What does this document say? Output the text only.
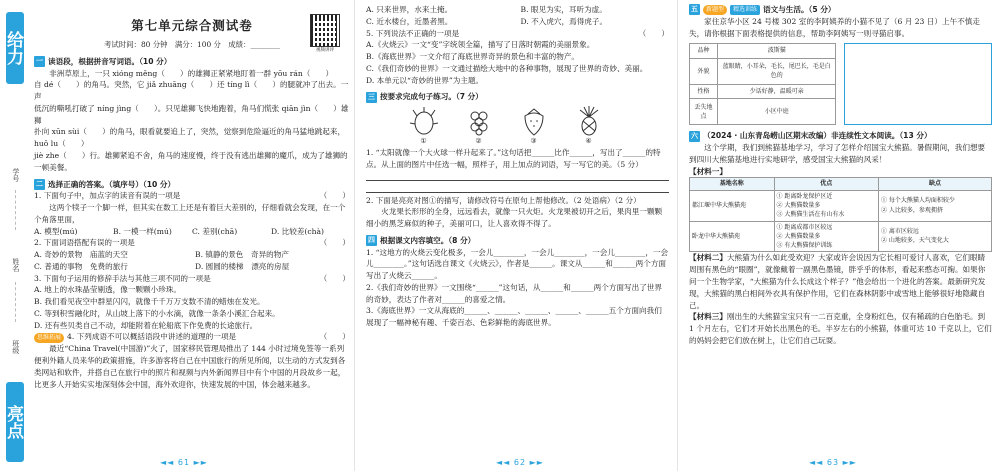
给力
学号
姓名
班级
亮点
第七单元综合测试卷
视频讲评

考试时间：80 分钟　满分：100 分　成绩：________

一 读语段，根据拼音写词语。（10 分）

　　非洲草原上，一只 xióng měng（　　）的雄狮正紧紧地盯着一群 yōu rán（　　）

自 dé（　　）的角马。突然，它 jiǎ zhuāng（　　）还 tíng lì（　　）的腿就冲了出去。一声

低沉的嘶吼打破了 níng jìng（　　）。只见雄狮飞快地跑着，角马们慌张 qiān jìn（　　）雄狮

扑向 xūn sùi（　　）的角马，眼看就要追上了，突然，觉察到危险逼近的角马猛地跳起来，huǒ lu（　　）

jiè zhe（　　）行。雄狮紧追不舍，角马的速度慢，终于没有逃出雄狮的魔爪，成为了雄狮的

一顿美餐。

二 选择正确的答案。（填序号）（10 分）

1. 下面句子中，加点字的读音有误的一项是	（　　）

　　这两个犊子一个脚一样，但其实在数工上还是有着巨大差别的，仔细看就会发现，在一个个角落里面，

A. 模型(mú)	B. 一模一样(mú)	C. 差别(chā)	D. 比较差(chà)

2. 下面词语搭配有误的一项是	（　　）

A. 奇妙的景物　庙蓝的天空	B. 镇静的景色　奇异的物产
C. 普通的事物　免费的旅行	D. 圆圆的楼梯　漂亮的房屋

3. 下面句子运用的修辞手法与其他三项不同的一项是	（　　）

A. 地上的水珠晶莹剔透，像一颗颗小珍珠。

B. 我们看见夜空中群星闪闪，就像千千万万支数不清的蜡烛在发光。

C. 等到积雪融化时，从山坡上落下的小水滴，就像一条条小溪汇合起来。

D. 还有些贝类自己不动，却能附着在轮船底下作免费的长途旅行。

思维拓展 4. 下列成语不可以概括语段中讲述的道理的一项是	（　　）

　　最近“China Travel(中国游)”火了，国家移民管理局推出了 144 小时过境免签等一系列便利外籍人员来华的政策措施，许多游客将自己在中国旅行的所见所闻，以生动的方式发到各类网站和软件，并搭自己在旅行中的照片和视频与内外新闻界目中有个中国的月段故乡一起，比更多人开始实实地深刻体会中国，海外欢迎你，快速发展的中国，体会越来越多。

◄◄ 61 ►►
A. 只来世界，水来土掩。	B. 眼见为实，耳听为虚。
C. 近水楼台，近墨者黑。	D. 不入虎穴，焉得虎子。

5. 下列说法不正确的一项是	（　　）

A.《火烧云》一文“变”字统领全篇，描写了日落时朝霞的美丽景象。

B.《海底世界》一文介绍了海底世界奇异的景色和丰富的物产。

C.《我们奇妙的世界》一文通过描绘大地中的各种事物，展现了世界的奇妙、美丽。

D. 本单元以“奇妙的世界”为主题。

三 按要求完成句子练习。（7 分）
①	②	③	④

1. “太阳就像一个大火球一样升起来了。”这句话把______比作______，写出了______的特点。从上面的图片中任选一幅，照样子，用上加点的词语，写一写它的美。（5 分）

2. 下面是亮亮对图①的描写，请修改符号在原句上帮他修改。（2 处语病）（2 分）

　　火龙果长形形的全身，远远看去，就像一只火炬。火龙果被切开之后，果肉里一颗颗细小的黑芝麻似的种子，美丽可口，让人喜欢得不得了。

四 根据课文内容填空。（8 分）

1. “这地方的火烧云变化极多，一会儿________，一会儿________，一会儿________，一会儿________。”这句话选自课文《火烧云》，作者是______。课文从______和______两个方面写出了火烧云______。

2.《我们奇妙的世界》一文围绕“______”这句话，从______和______两个方面写出了世界的奇妙，表达了作者对______的喜爱之情。

3.《海底世界》一文从海底的______、______、______、______、______五个方面向我们展现了一幅神秘有趣、千姿百态、色彩鲜艳的海底世界。

◄◄ 62 ►►
五	新题型	精选训练 语文与生活。（5 分）

　　家住京华小区 24 号楼 302 室的李阿姨养的小猫不见了（6 月 23 日）上午不慎走失，请你根据下面表格提供的信息，帮助李阿姨写一则寻猫启事。

品种	波斯猫
外貌	蓝眼睛，小耳朵，毛长，尾巴长，毛是白色的
性格	少话好静，温暖可亲
丢失地点	小区中庭
六 （2024 · 山东青岛崂山区期末改编）非连续性文本阅读。（13 分）

　　这个学期，我们到熊猫基地学习，学习了怎样介绍国宝大熊猫。暑假期间，我们想要到四川大熊猫基地进行实地研学，感受国宝大熊猫的风采！

【材料一】

基地名称	优点	缺点
都江堰中华大熊猫苑	① 距离卧龙保护区近
② 大熊猫数量多
③ 大熊猫生活在有山有水	① 每个大熊猫人均面积较少
② 人比较多，参观拥挤
卧龙中华大熊猫苑	① 距离成都市区较远
② 大熊猫数量多
③ 有大熊猫保护训练	① 离市区较远
② 山地较多，天气变化大

【材料二】大熊猫为什么如此受欢迎？大家或许会说因为它长相可爱讨人喜欢，它们眼睛周围有黑色的“眼圈”，就像戴着一副黑色墨镜，胖乎乎的体形，看起来憨态可掬。如果你问一个生物学家，“大熊猫为什么长成这个样子？”他会给出一个进化的答案。最新研究发现，大熊猫的黑白相间外衣具有保护作用，它们在森林阴影中或雪地上能够很好地隐藏自己。

【材料三】刚出生的大熊猫宝宝只有一二百克重，全身粉红色，仅有稀疏的白色胎毛。到 1 个月左右，它们才开始长出黑色的毛。半岁左右的小熊猫，体重可达 10 千克以上，它们的妈妈会把它们放在树上，让它们自己玩耍。

◄◄ 63 ►►
